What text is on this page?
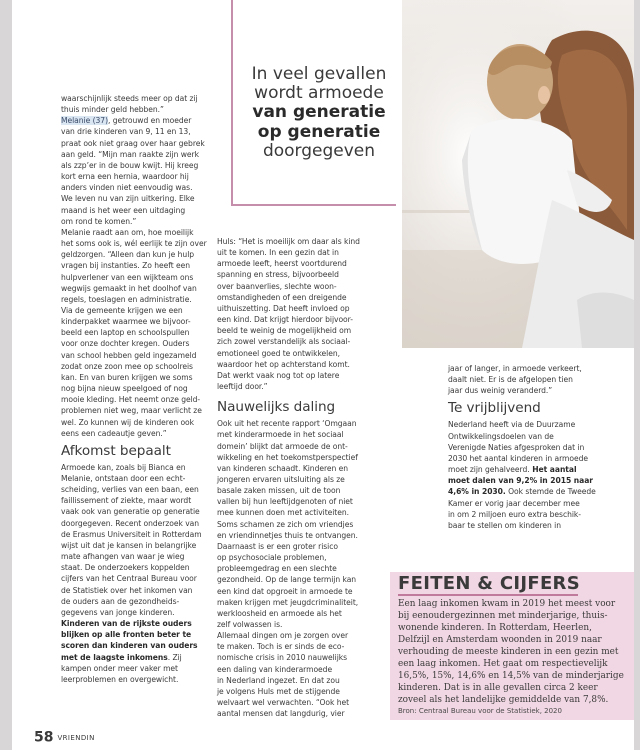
In veel gevallen

wordt armoede

van generatie

op generatie

doorgegeven

waarschijnlijk steeds meer op dat zij

thuis minder geld hebben.”

Melanie (37), getrouwd en moeder

van drie kinderen van 9, 11 en 13,

praat ook niet graag over haar gebrek

aan geld. “Mijn man raakte zijn werk

als zzp’er in de bouw kwijt. Hij kreeg

kort erna een hernia, waardoor hij

anders vinden niet eenvoudig was.

We leven nu van zijn uitkering. Elke

maand is het weer een uitdaging

om rond te komen.”

Melanie raadt aan om, hoe moeilijk

het soms ook is, wél eerlijk te zijn over

geldzorgen. “Alleen dan kun je hulp

vragen bij instanties. Zo heeft een

hulpverlener van een wijkteam ons

wegwijs gemaakt in het doolhof van

regels, toeslagen en administratie.

Via de gemeente krijgen we een

kinderpakket waarmee we bijvoor-

beeld een laptop en schoolspullen

voor onze dochter kregen. Ouders

van school hebben geld ingezameld

zodat onze zoon mee op schoolreis

kan. En van buren krijgen we soms

nog bijna nieuw speelgoed of nog

mooie kleding. Het neemt onze geld-

problemen niet weg, maar verlicht ze

wel. Zo kunnen wij de kinderen ook

eens een cadeautje geven.”

Afkomst bepaalt

Armoede kan, zoals bij Bianca en

Melanie, ontstaan door een echt-

scheiding, verlies van een baan, een

faillissement of ziekte, maar wordt

vaak ook van generatie op generatie

doorgegeven. Recent onderzoek van

de Erasmus Universiteit in Rotterdam

wijst uit dat je kansen in belangrijke

mate afhangen van waar je wieg

staat. De onderzoekers koppelden

cijfers van het Centraal Bureau voor

de Statistiek over het inkomen van

de ouders aan de gezondheids-

gegevens van jonge kinderen.

Kinderen van de rijkste ouders

blijken op alle fronten beter te

scoren dan kinderen van ouders

met de laagste inkomens. Zij

kampen onder meer vaker met

leerproblemen en overgewicht.

Huls: “Het is moeilijk om daar als kind

uit te komen. In een gezin dat in

armoede leeft, heerst voortdurend

spanning en stress, bijvoorbeeld

over baanverlies, slechte woon-

omstandigheden of een dreigende

uithuiszetting. Dat heeft invloed op

een kind. Dat krijgt hierdoor bijvoor-

beeld te weinig de mogelijkheid om

zich zowel verstandelijk als sociaal-

emotioneel goed te ontwikkelen,

waardoor het op achterstand komt.

Dat werkt vaak nog tot op latere

leeftijd door.”

Nauwelijks daling

Ook uit het recente rapport ‘Omgaan

met kinderarmoede in het sociaal

domein’ blijkt dat armoede de ont-

wikkeling en het toekomstperspectief

van kinderen schaadt. Kinderen en

jongeren ervaren uitsluiting als ze

basale zaken missen, uit de toon

vallen bij hun leeftijdgenoten of niet

mee kunnen doen met activiteiten.

Soms schamen ze zich om vriendjes

en vriendinnetjes thuis te ontvangen.

Daarnaast is er een groter risico

op psychosociale problemen,

probleemgedrag en een slechte

gezondheid. Op de lange termijn kan

een kind dat opgroeit in armoede te

maken krijgen met jeugdcriminaliteit,

werkloosheid en armoede als het

zelf volwassen is.

Allemaal dingen om je zorgen over

te maken. Toch is er sinds de eco-

nomische crisis in 2010 nauwelijks

een daling van kinderarmoede

in Nederland ingezet. En dat zou

je volgens Huls met de stijgende

welvaart wel verwachten. “Ook het

aantal mensen dat langdurig, vier

jaar of langer, in armoede verkeert,

daalt niet. Er is de afgelopen tien

jaar dus weinig veranderd.”

Te vrijblijvend

Nederland heeft via de Duurzame

Ontwikkelingsdoelen van de

Verenigde Naties afgesproken dat in

2030 het aantal kinderen in armoede

moet zijn gehalveerd. Het aantal

moet dalen van 9,2% in 2015 naar

4,6% in 2030. Ook stemde de Tweede

Kamer er vorig jaar december mee

in om 2 miljoen euro extra beschik-

baar te stellen om kinderen in

FEITEN & CIJFERS

Een laag inkomen kwam in 2019 het meest voor

bij eenoudergezinnen met minderjarige, thuis-

wonende kinderen. In Rotterdam, Heerlen,

Delfzijl en Amsterdam woonden in 2019 naar

verhouding de meeste kinderen in een gezin met

een laag inkomen. Het gaat om respectievelijk

16,5%, 15%, 14,6% en 14,5% van de minderjarige

kinderen. Dat is in alle gevallen circa 2 keer

zoveel als het landelijke gemiddelde van 7,8%.

Bron: Centraal Bureau voor de Statistiek, 2020

58 VRIENDIN
